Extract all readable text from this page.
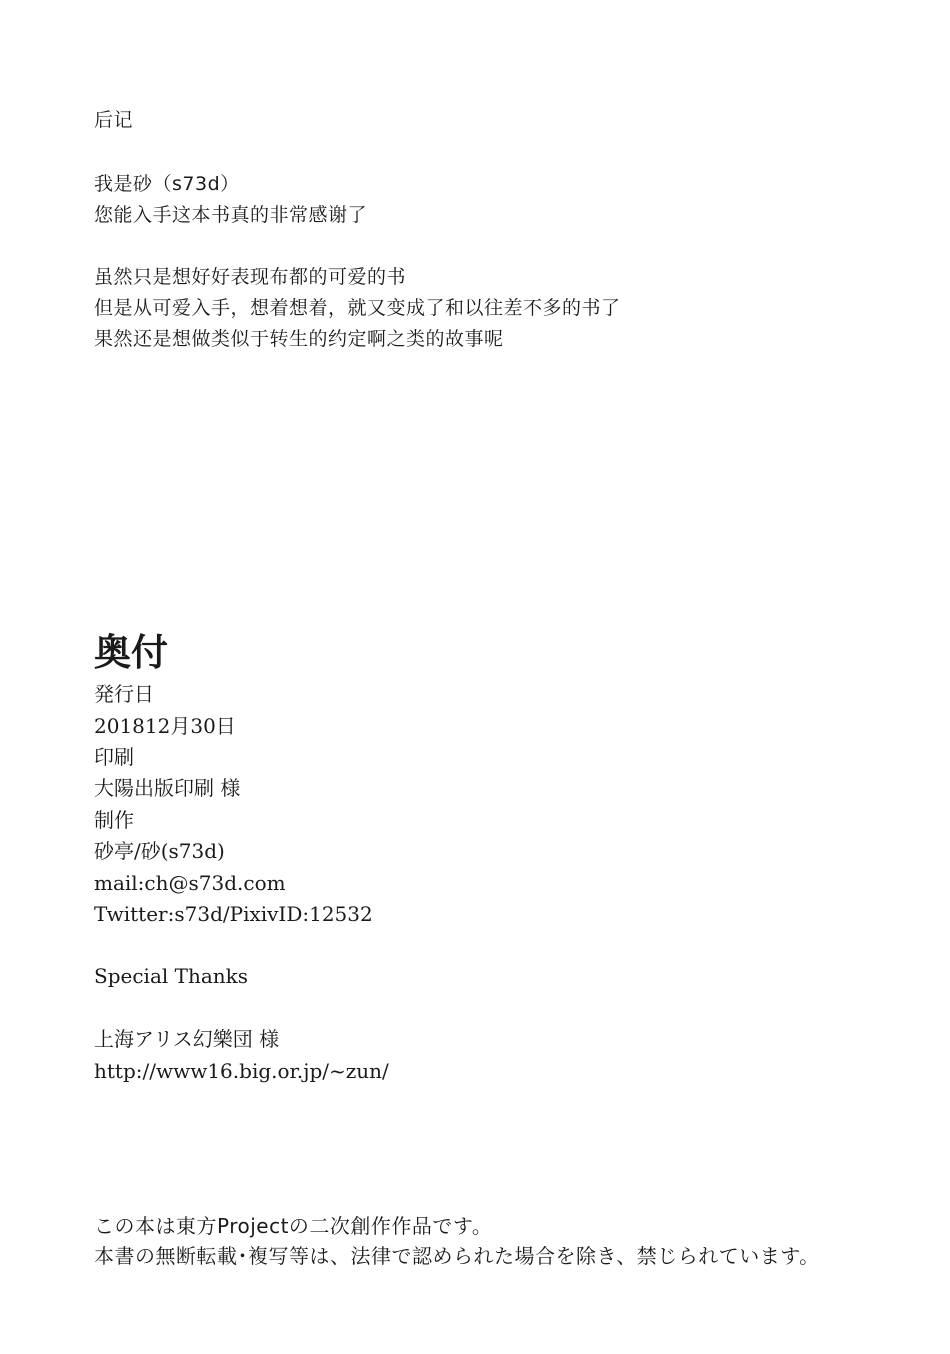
后记
我是砂（s73d）
您能入手这本书真的非常感谢了
虽然只是想好好表现布都的可爱的书
但是从可爱入手，想着想着，就又变成了和以往差不多的书了
果然还是想做类似于转生的约定啊之类的故事呢
奥付
発行日
201812月30日
印刷
大陽出版印刷 様
制作
砂亭/砂(s73d)
mail:ch@s73d.com
Twitter:s73d/PixivID:12532
Special Thanks
上海アリス幻樂団 様
http://www16.big.or.jp/~zun/
この本は東方Projectの二次創作作品です。
本書の無断転載･複写等は、法律で認められた場合を除き、禁じられています。
